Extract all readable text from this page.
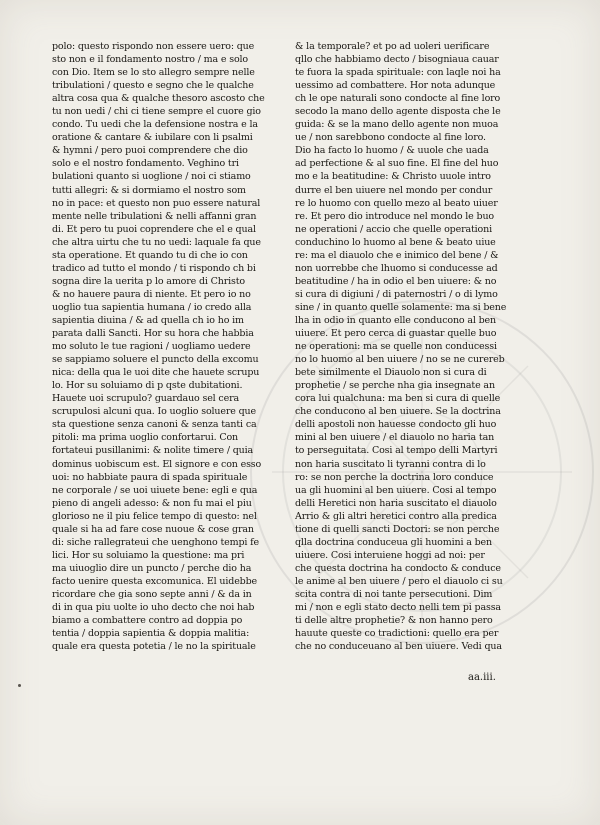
polo: questo rispondo non essere uero: que
sto non e il fondamento nostro / ma e solo
con Dio. Item se lo sto allegro sempre nelle
tribulationi / questo e segno che le qualche
altra cosa qua & qualche thesoro ascosto che
tu non uedi / chi ci tiene sempre el cuore gio
condo. Tu uedi che la defensione nostra e la
oratione & cantare & iubilare con li psalmi
& hymni / pero puoi comprendere che dio
solo e el nostro fondamento. Veghino tri
bulationi quanto si uoglione / noi ci stiamo
tutti allegri: & si dormiamo el nostro som
no in pace: et questo non puo essere natural
mente nelle tribulationi & nelli affanni gran
di. Et pero tu puoi coprendere che el e qual
che altra uirtu che tu no uedi: laquale fa que
sta operatione. Et quando tu di che io con
tradico ad tutto el mondo / ti rispondo ch bi
sogna dire la uerita p lo amore di Christo
& no hauere paura di niente. Et pero io no
uoglio tua sapientia humana / io credo alla
sapientia diuina / & ad quella ch io ho im
parata dalli Sancti. Hor su hora che habbia
mo soluto le tue ragioni / uogliamo uedere
se sappiamo soluere el puncto della excomu
nica: della qua le uoi dite che hauete scrupu
lo. Hor su soluiamo di p qste dubitationi.
Hauete uoi scrupulo? guardauo sel cera
scrupulosi alcuni qua. Io uoglio soluere que
sta questione senza canoni & senza tanti ca
pitoli: ma prima uoglio confortarui. Con
fortateui pusillanimi: & nolite timere / quia
dominus uobiscum est. El signore e con esso
uoi: no habbiate paura di spada spirituale
ne corporale / se uoi uiuete bene: egli e qua
pieno di angeli adesso: & non fu mai el piu
glorioso ne il piu felice tempo di questo: nel
quale si ha ad fare cose nuoue & cose gran
di: siche rallegrateui che uenghono tempi fe
lici. Hor su soluiamo la questione: ma pri
ma uiuoglio dire un puncto / perche dio ha
facto uenire questa excomunica. El uidebbe
ricordare che gia sono septe anni / & da in
di in qua piu uolte io uho decto che noi hab
biamo a combattere contro ad doppia po
tentia / doppia sapientia & doppia malitia:
quale era questa potetia / le no la spirituale
& la temporale? et po ad uoleri uerificare
qllo che habbiamo decto / bisogniaua cauar
te fuora la spada spirituale: con laqle noi ha
uessimo ad combattere. Hor nota adunque
ch le ope naturali sono condocte al fine loro
secodo la mano dello agente disposta che le
guida: & se la mano dello agente non muoa
ue / non sarebbono condocte al fine loro.
Dio ha facto lo huomo / & uuole che uada
ad perfectione & al suo fine. El fine del huo
mo e la beatitudine: & Christo uuole intro
durre el ben uiuere nel mondo per condur
re lo huomo con quello mezo al beato uiuer
re. Et pero dio introduce nel mondo le buo
ne operationi / accio che quelle operationi
conduchino lo huomo al bene & beato uiue
re: ma el diauolo che e inimico del bene / &
non uorrebbe che lhuomo si conducesse ad
beatitudine / ha in odio el ben uiuere: & no
si cura di digiuni / di paternostri / o di lymo
sine / in quanto quelle solamente: ma si bene
lha in odio in quanto elle conducono al ben
uiuere. Et pero cerca di guastar quelle buo
ne operationi: ma se quelle non conducessi
no lo huomo al ben uiuere / no se ne curereb
bete similmente el Diauolo non si cura di
prophetie / se perche nha gia insegnate an
cora lui qualchuna: ma ben si cura di quelle
che conducono al ben uiuere. Se la doctrina
delli apostoli non hauesse condocto gli huo
mini al ben uiuere / el diauolo no haria tan
to perseguitata. Cosi al tempo delli Martyri
non haria suscitato li tyranni contra di lo
ro: se non perche la doctrina loro conduce
ua gli huomini al ben uiuere. Cosi al tempo
delli Heretici non haria suscitato el diauolo
Arrio & gli altri heretici contro alla predica
tione di quelli sancti Doctori: se non perche
qlla doctrina conduceua gli huomini a ben
uiuere. Cosi interuiene hoggi ad noi: per
che questa doctrina ha condocto & conduce
le anime al ben uiuere / pero el diauolo ci su
scita contra di noi tante persecutioni. Dim
mi / non e egli stato decto nelli tem pi passa
ti delle altre prophetie? & non hanno pero
hauute queste co tradictioni: quello era per
che no conduceuano al ben uiuere. Vedi qua
aa.iii.
